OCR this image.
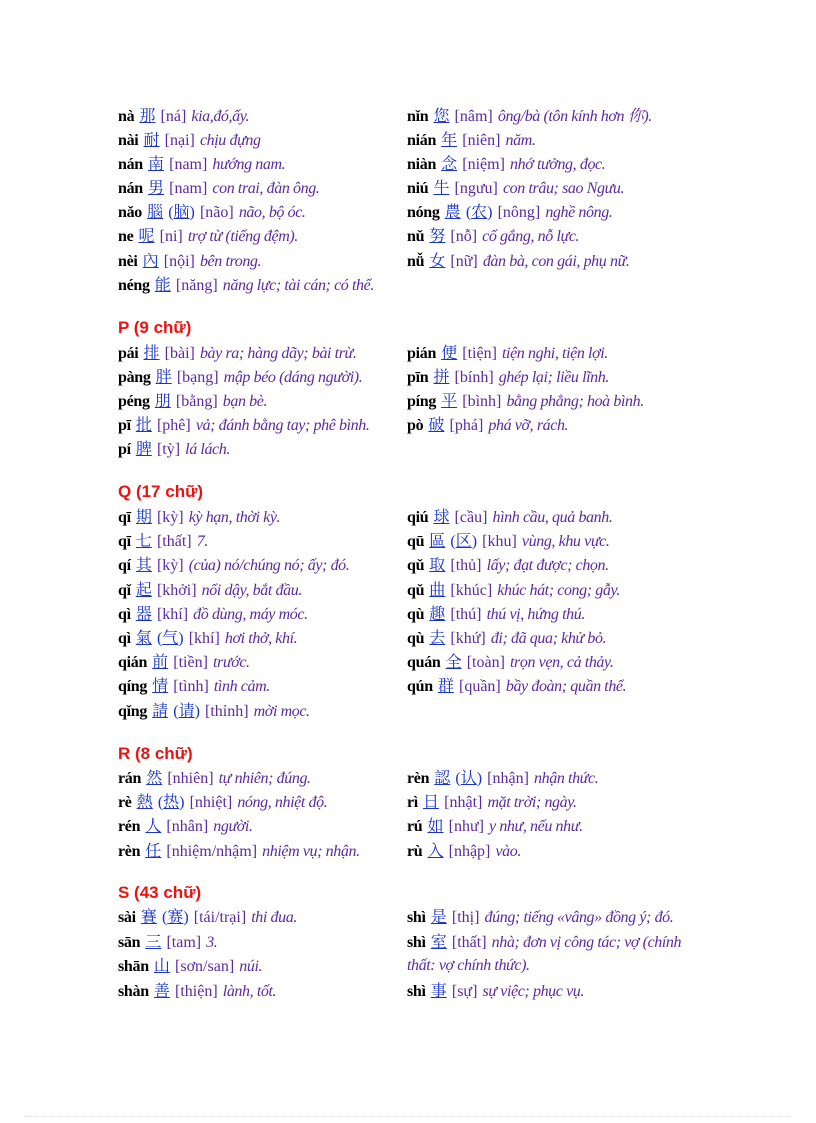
nà 那 [ná] kia,đó,ấy.
nài 耐 [nại] chịu đựng
nán 南 [nam] hướng nam.
nán 男 [nam] con trai, đàn ông.
nǎo 腦 (脑) [não] não, bộ óc.
ne 呢 [ni] trợ từ (tiếng đệm).
nèi 內 [nội] bên trong.
néng 能 [năng] năng lực; tài cán; có thể.
nǐn 您 [nâm] ông/bà (tôn kính hơn 你).
nián 年 [niên] năm.
niàn 念 [niệm] nhớ tưởng, đọc.
niú 牛 [ngưu] con trâu; sao Ngưu.
nóng 農 (农) [nông] nghề nông.
nǔ 努 [nỗ] cố gắng, nỗ lực.
nǚ 女 [nữ] đàn bà, con gái, phụ nữ.
P (9 chữ)
pái 排 [bài] bày ra; hàng dãy; bài trừ.
pàng 胖 [bạng] mập béo (dáng người).
péng 朋 [bằng] bạn bè.
pī 批 [phê] vả; đánh bằng tay; phê bình.
pí 脾 [tỳ] lá lách.
pián 便 [tiện] tiện nghi, tiện lợi.
pīn 拼 [bính] ghép lại; liều lĩnh.
píng 平 [bình] bằng phẳng; hoà bình.
pò 破 [phá] phá vỡ, rách.
Q (17 chữ)
qī 期 [kỳ] kỳ hạn, thời kỳ.
qī 七 [thất] 7.
qí 其 [kỳ] (của) nó/chúng nó; ấy; đó.
qǐ 起 [khởi] nổi dậy, bắt đầu.
qì 器 [khí] đồ dùng, máy móc.
qì 氣 (气) [khí] hơi thở, khí.
qián 前 [tiền] trước.
qíng 情 [tình] tình cảm.
qǐng 請 (请) [thỉnh] mời mọc.
qiú 球 [cầu] hình cầu, quả banh.
qū 區 (区) [khu] vùng, khu vực.
qǔ 取 [thủ] lấy; đạt được; chọn.
qǔ 曲 [khúc] khúc hát; cong; gẫy.
qù 趣 [thú] thú vị, hứng thú.
qù 去 [khứ] đi; đã qua; khử bỏ.
quán 全 [toàn] trọn vẹn, cả thảy.
qún 群 [quần] bầy đoàn; quần thể.
R (8 chữ)
rán 然 [nhiên] tự nhiên; đúng.
rè 熱 (热) [nhiệt] nóng, nhiệt độ.
rén 人 [nhân] người.
rèn 任 [nhiệm/nhậm] nhiệm vụ; nhận.
rèn 認 (认) [nhận] nhận thức.
rì 日 [nhật] mặt trời; ngày.
rú 如 [như] y như, nếu như.
rù 入 [nhập] vào.
S (43 chữ)
sài 賽 (赛) [tái/trại] thi đua.
sān 三 [tam] 3.
shān 山 [sơn/san] núi.
shàn 善 [thiện] lành, tốt.
shì 是 [thị] đúng; tiếng «vâng» đồng ý; đó.
shì 室 [thất] nhà; đơn vị công tác; vợ (chính thất: vợ chính thức).
shì 事 [sự] sự việc; phục vụ.
